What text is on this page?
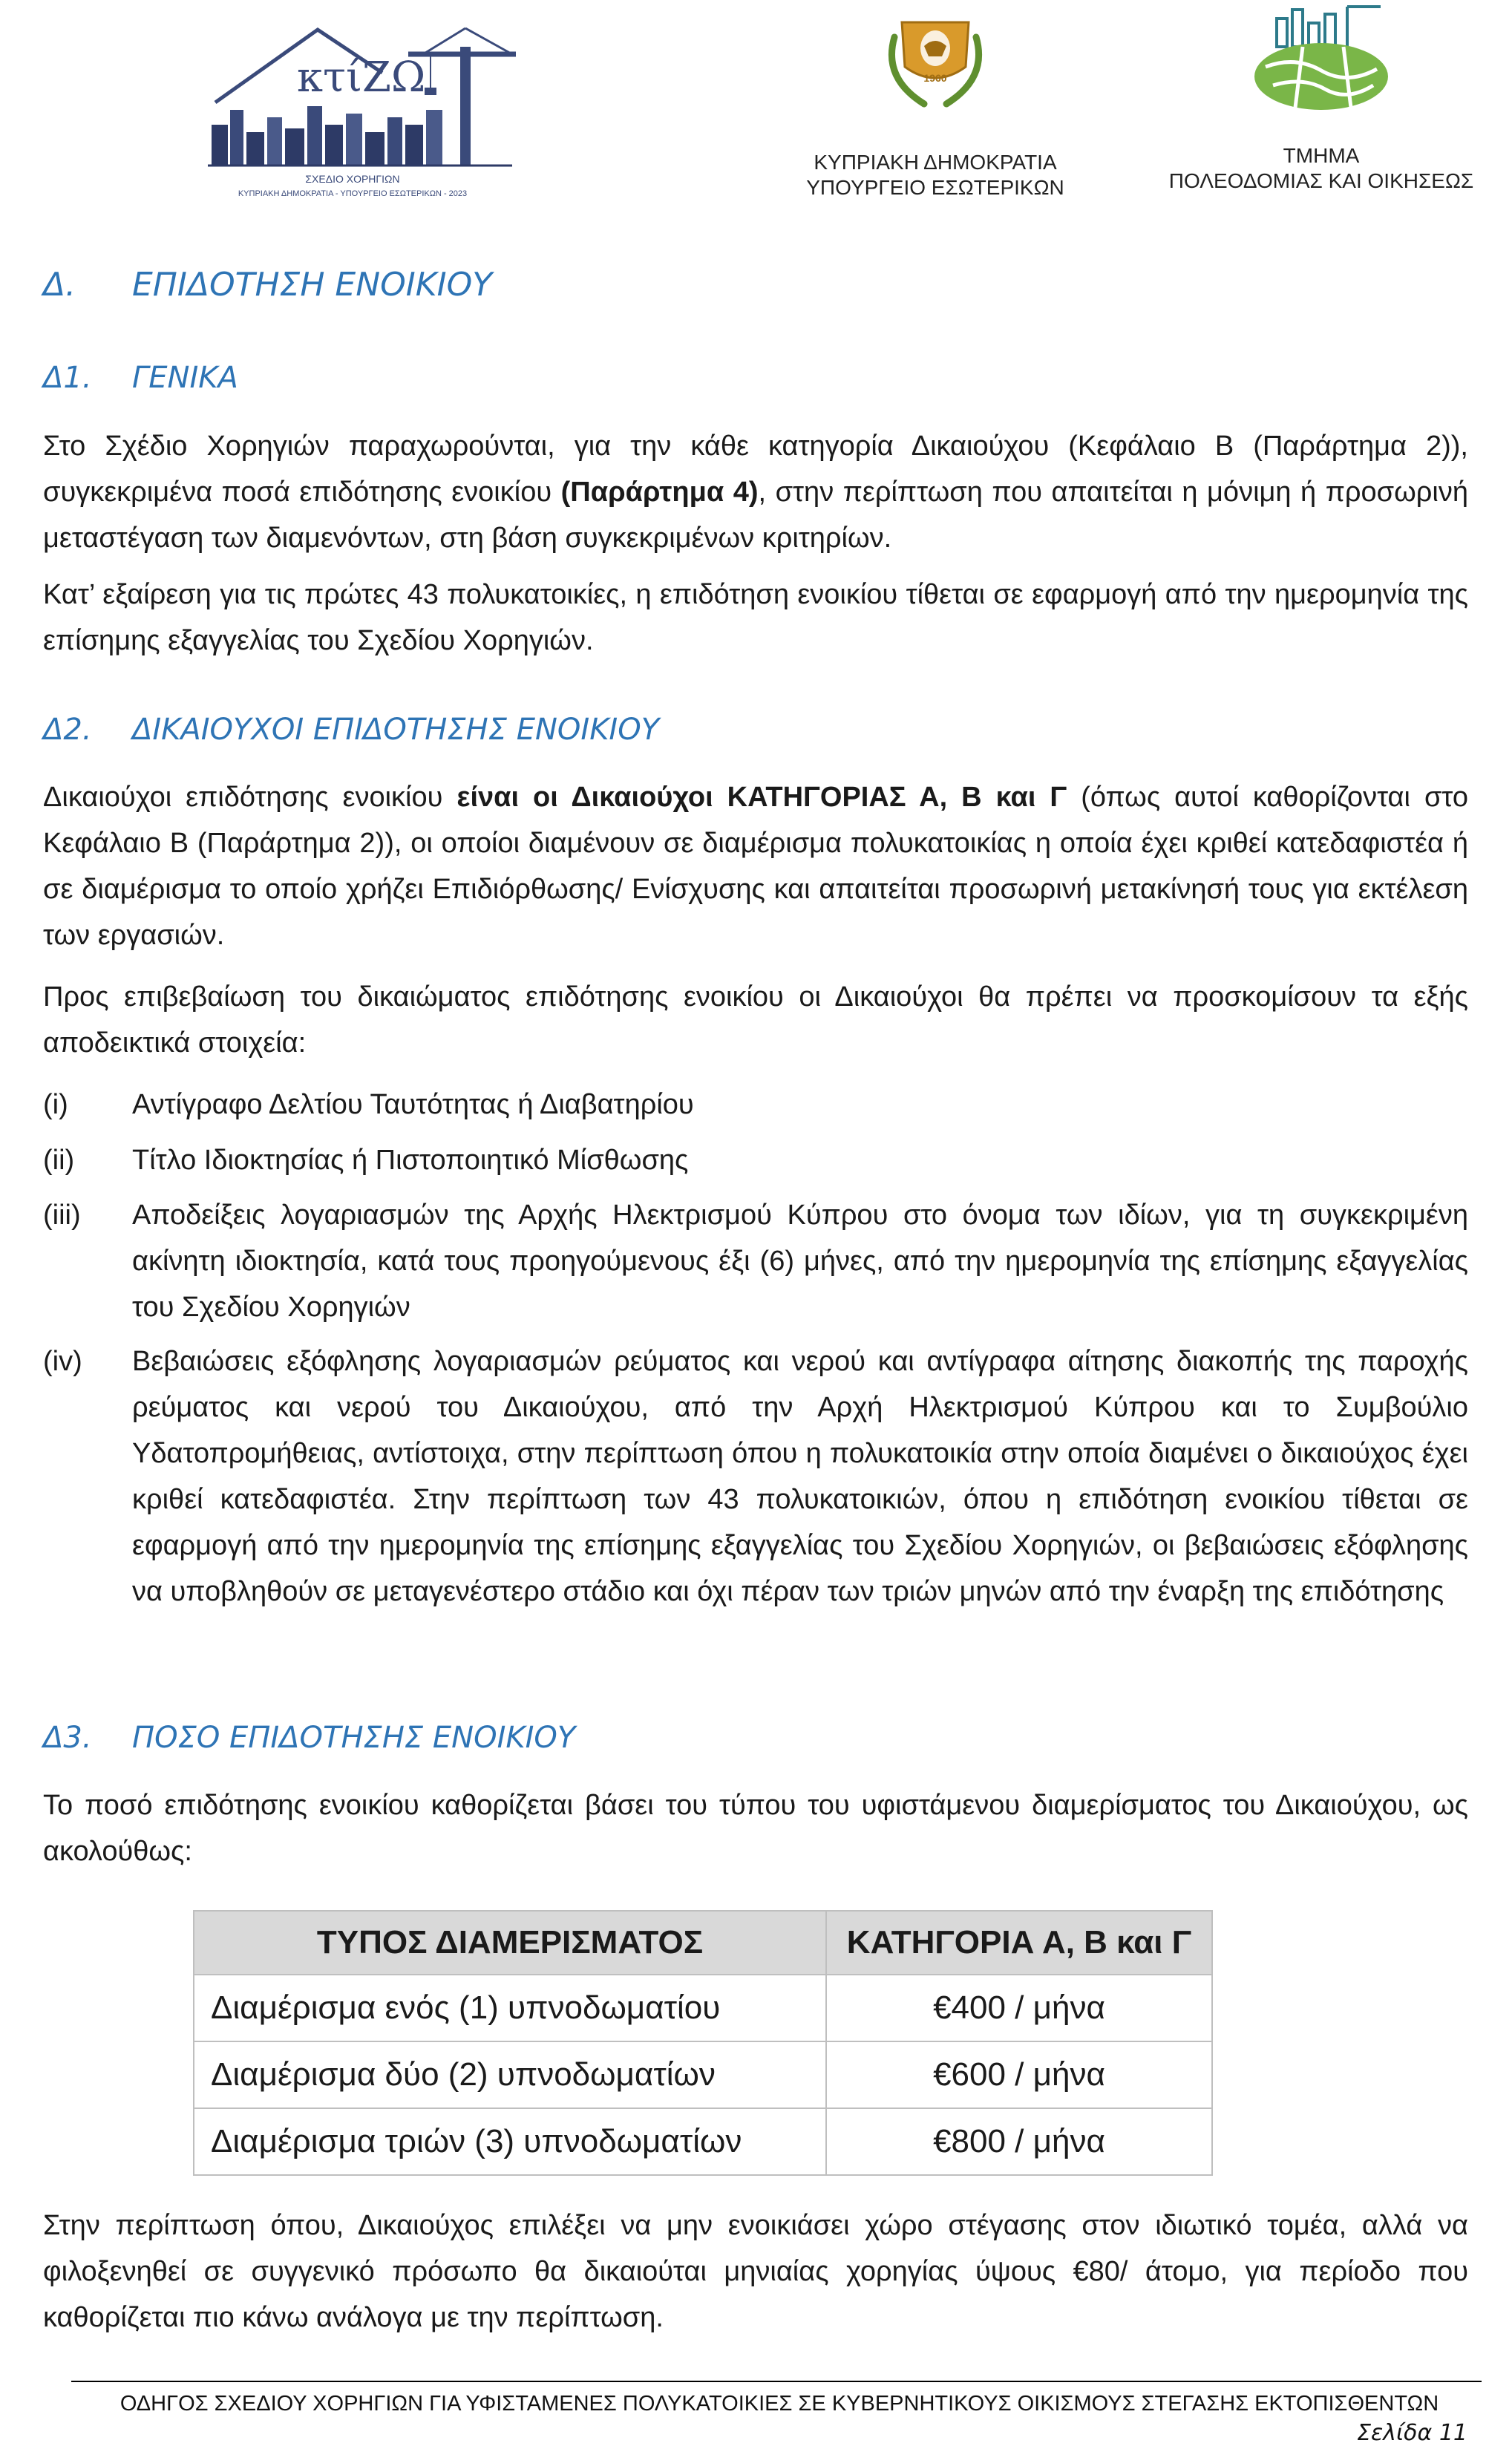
κτίΖΩ
ΣΧΕΔΙΟ ΧΟΡΗΓΙΩΝ
ΚΥΠΡΙΑΚΗ ΔΗΜΟΚΡΑΤΙΑ - ΥΠΟΥΡΓΕΙΟ ΕΣΩΤΕΡΙΚΩΝ - 2023
1960
ΚΥΠΡΙΑΚΗ ΔΗΜΟΚΡΑΤΙΑ
ΥΠΟΥΡΓΕΙΟ ΕΣΩΤΕΡΙΚΩΝ
ΤΜΗΜΑ
ΠΟΛΕΟΔΟΜΙΑΣ ΚΑΙ ΟΙΚΗΣΕΩΣ
Δ. ΕΠΙΔΟΤΗΣΗ ΕΝΟΙΚΙΟΥ
Δ1. ΓΕΝΙΚΑ

Στο Σχέδιο Χορηγιών παραχωρούνται, για την κάθε κατηγορία Δικαιούχου (Κεφάλαιο Β (Παράρτημα 2)), συγκεκριμένα ποσά επιδότησης ενοικίου (Παράρτημα 4), στην περίπτωση που απαιτείται η μόνιμη ή προσωρινή μεταστέγαση των διαμενόντων, στη βάση συγκεκριμένων κριτηρίων.

Κατ’ εξαίρεση για τις πρώτες 43 πολυκατοικίες, η επιδότηση ενοικίου τίθεται σε εφαρμογή από την ημερομηνία της επίσημης εξαγγελίας του Σχεδίου Χορηγιών.

Δ2. ΔΙΚΑΙΟΥΧΟΙ ΕΠΙΔΟΤΗΣΗΣ ΕΝΟΙΚΙΟΥ

Δικαιούχοι επιδότησης ενοικίου είναι οι Δικαιούχοι ΚΑΤΗΓΟΡΙΑΣ Α, Β και Γ (όπως αυτοί καθορίζονται στο Κεφάλαιο Β (Παράρτημα 2)), οι οποίοι διαμένουν σε διαμέρισμα πολυκατοικίας η οποία έχει κριθεί κατεδαφιστέα ή σε διαμέρισμα το οποίο χρήζει Επιδιόρθωσης/ Ενίσχυσης και απαιτείται προσωρινή μετακίνησή τους για εκτέλεση των εργασιών.

Προς επιβεβαίωση του δικαιώματος επιδότησης ενοικίου οι Δικαιούχοι θα πρέπει να προσκομίσουν τα εξής αποδεικτικά στοιχεία:

(i)	Αντίγραφο Δελτίου Ταυτότητας ή Διαβατηρίου
(ii)	Τίτλο Ιδιοκτησίας ή Πιστοποιητικό Μίσθωσης
(iii)	Αποδείξεις λογαριασμών της Αρχής Ηλεκτρισμού Κύπρου στο όνομα των ιδίων, για τη συγκεκριμένη ακίνητη ιδιοκτησία, κατά τους προηγούμενους έξι (6) μήνες, από την ημερομηνία της επίσημης εξαγγελίας του Σχεδίου Χορηγιών
(iv)	Βεβαιώσεις εξόφλησης λογαριασμών ρεύματος και νερού και αντίγραφα αίτησης διακοπής της παροχής ρεύματος και νερού του Δικαιούχου, από την Αρχή Ηλεκτρισμού Κύπρου και το Συμβούλιο Υδατοπρομήθειας, αντίστοιχα, στην περίπτωση όπου η πολυκατοικία στην οποία διαμένει ο δικαιούχος έχει κριθεί κατεδαφιστέα. Στην περίπτωση των 43 πολυκατοικιών, όπου η επιδότηση ενοικίου τίθεται σε εφαρμογή από την ημερομηνία της επίσημης εξαγγελίας του Σχεδίου Χορηγιών, οι βεβαιώσεις εξόφλησης να υποβληθούν σε μεταγενέστερο στάδιο και όχι πέραν των τριών μηνών από την έναρξη της επιδότησης
Δ3. ΠΟΣΟ ΕΠΙΔΟΤΗΣΗΣ ΕΝΟΙΚΙΟΥ

Το ποσό επιδότησης ενοικίου καθορίζεται βάσει του τύπου του υφιστάμενου διαμερίσματος του Δικαιούχου, ως ακολούθως:

ΤΥΠΟΣ ΔΙΑΜΕΡΙΣΜΑΤΟΣ	ΚΑΤΗΓΟΡΙΑ Α, Β και Γ
Διαμέρισμα ενός (1) υπνοδωματίου	€400 / μήνα
Διαμέρισμα δύο (2) υπνοδωματίων	€600 / μήνα
Διαμέρισμα τριών (3) υπνοδωματίων	€800 / μήνα

Στην περίπτωση όπου, Δικαιούχος επιλέξει να μην ενοικιάσει χώρο στέγασης στον ιδιωτικό τομέα, αλλά να φιλοξενηθεί σε συγγενικό πρόσωπο θα δικαιούται μηνιαίας χορηγίας ύψους €80/ άτομο, για περίοδο που καθορίζεται πιο κάνω ανάλογα με την περίπτωση.

ΟΔΗΓΟΣ ΣΧΕΔΙΟΥ ΧΟΡΗΓΙΩΝ ΓΙΑ ΥΦΙΣΤΑΜΕΝΕΣ ΠΟΛΥΚΑΤΟΙΚΙΕΣ ΣΕ ΚΥΒΕΡΝΗΤΙΚΟΥΣ ΟΙΚΙΣΜΟΥΣ ΣΤΕΓΑΣΗΣ ΕΚΤΟΠΙΣΘΕΝΤΩΝ
Σελίδα 11
